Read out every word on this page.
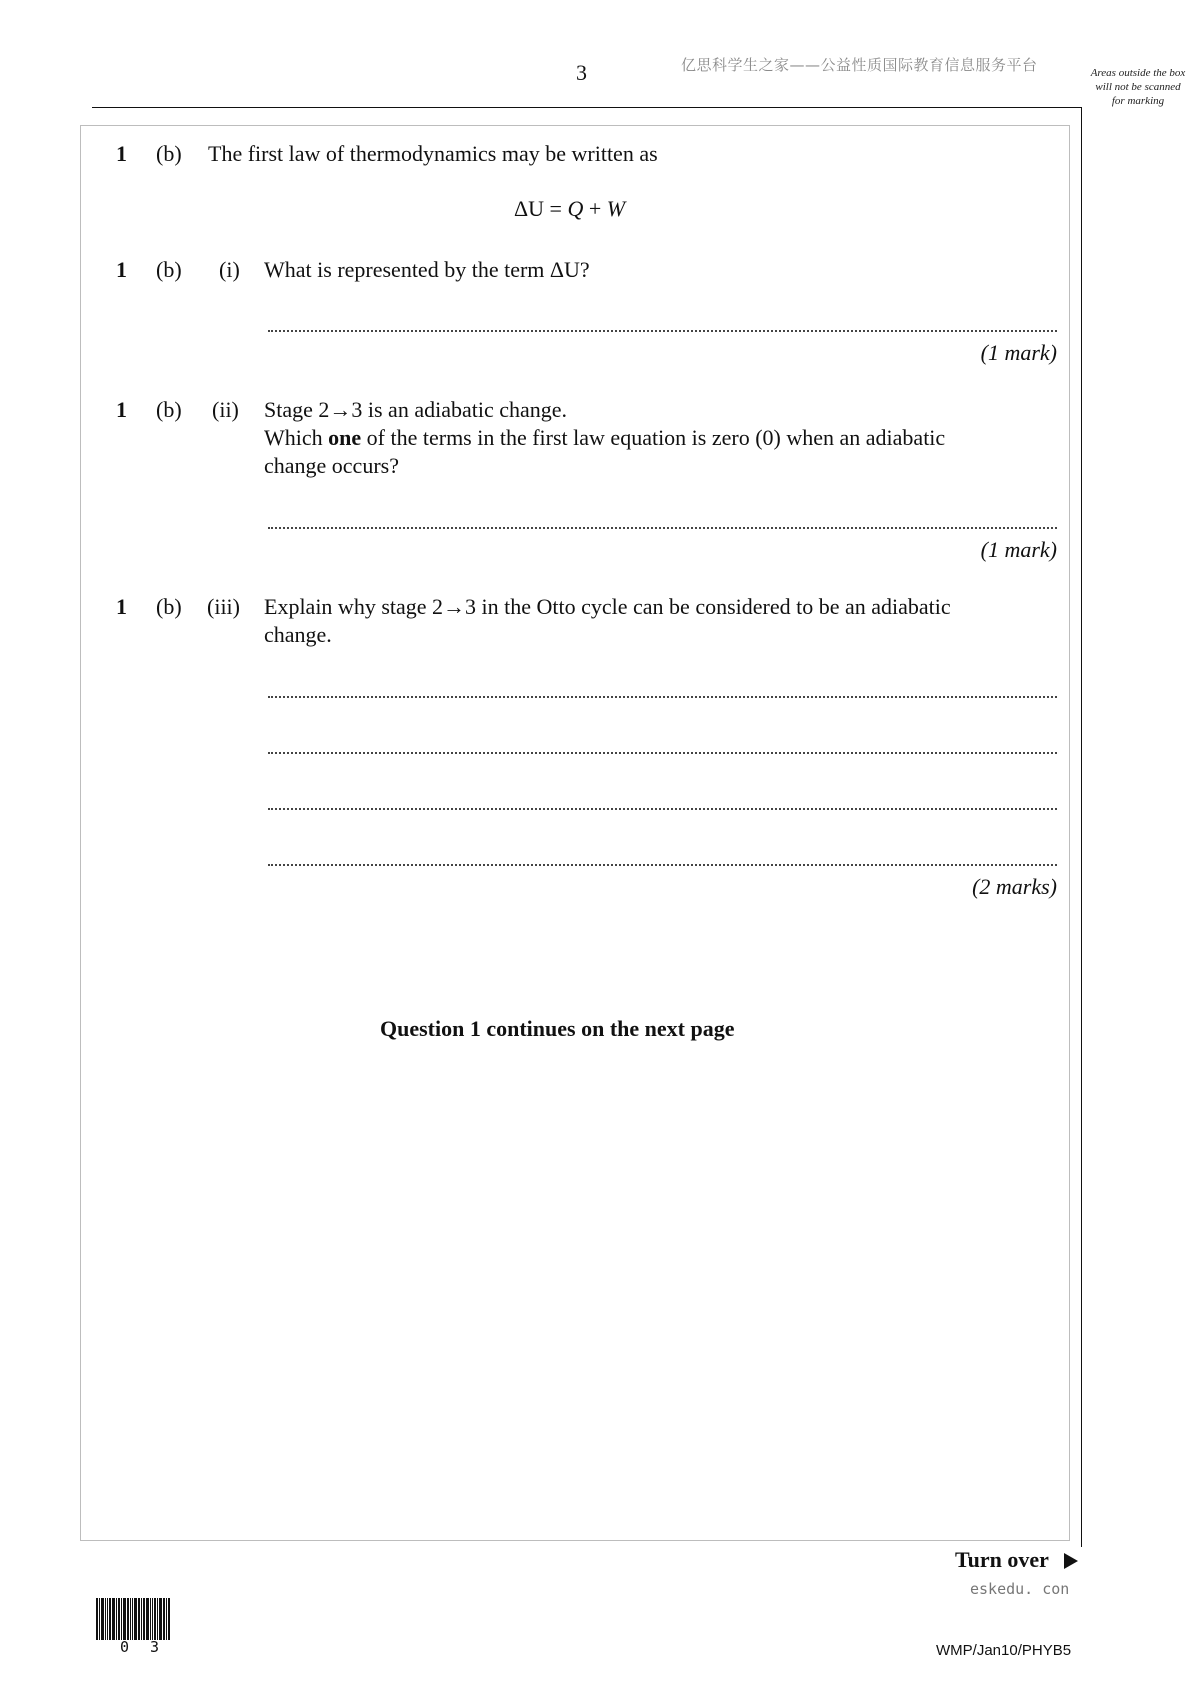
3	亿思科学生之家——公益性质国际教育信息服务平台	Areas outside the box will not be scanned for marking
1 (b) The first law of thermodynamics may be written as
ΔU = Q + W
1 (b) (i) What is represented by the term ΔU?
(1 mark)
1 (b) (ii) Stage 2→3 is an adiabatic change.
Which one of the terms in the first law equation is zero (0) when an adiabatic
change occurs?
(1 mark)
1 (b) (iii) Explain why stage 2→3 in the Otto cycle can be considered to be an adiabatic
change.
(2 marks)
Question 1 continues on the next page
Turn over
eskedu. con
0 3	WMP/Jan10/PHYB5
